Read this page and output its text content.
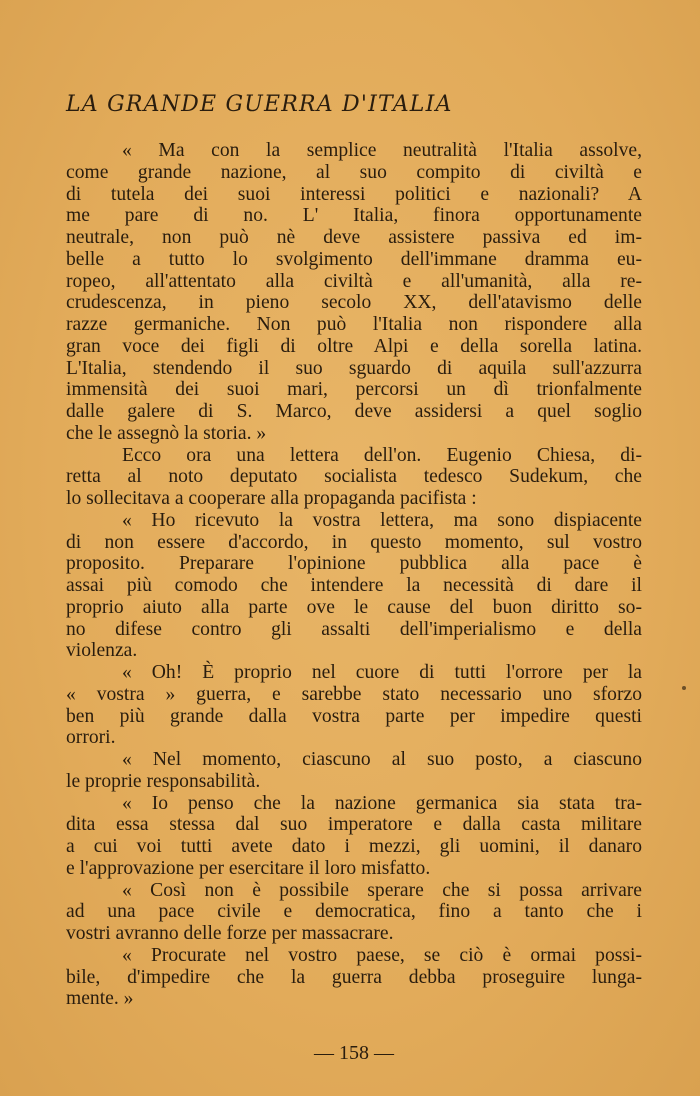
LA GRANDE GUERRA D'ITALIA
« Ma con la semplice neutralità l'Italia assolve,
come grande nazione, al suo compito di civiltà e
di tutela dei suoi interessi politici e nazionali? A
me pare di no. L' Italia, finora opportunamente
neutrale, non può nè deve assistere passiva ed im-
belle a tutto lo svolgimento dell'immane dramma eu-
ropeo, all'attentato alla civiltà e all'umanità, alla re-
crudescenza, in pieno secolo XX, dell'atavismo delle
razze germaniche. Non può l'Italia non rispondere alla
gran voce dei figli di oltre Alpi e della sorella latina.
L'Italia, stendendo il suo sguardo di aquila sull'azzurra
immensità dei suoi mari, percorsi un dì trionfalmente
dalle galere di S. Marco, deve assidersi a quel soglio
che le assegnò la storia. »
Ecco ora una lettera dell'on. Eugenio Chiesa, di-
retta al noto deputato socialista tedesco Sudekum, che
lo sollecitava a cooperare alla propaganda pacifista :
« Ho ricevuto la vostra lettera, ma sono dispiacente
di non essere d'accordo, in questo momento, sul vostro
proposito. Preparare l'opinione pubblica alla pace è
assai più comodo che intendere la necessità di dare il
proprio aiuto alla parte ove le cause del buon diritto so-
no difese contro gli assalti dell'imperialismo e della
violenza.
« Oh! È proprio nel cuore di tutti l'orrore per la
« vostra » guerra, e sarebbe stato necessario uno sforzo
ben più grande dalla vostra parte per impedire questi
orrori.
« Nel momento, ciascuno al suo posto, a ciascuno
le proprie responsabilità.
« Io penso che la nazione germanica sia stata tra-
dita essa stessa dal suo imperatore e dalla casta militare
a cui voi tutti avete dato i mezzi, gli uomini, il danaro
e l'approvazione per esercitare il loro misfatto.
« Così non è possibile sperare che si possa arrivare
ad una pace civile e democratica, fino a tanto che i
vostri avranno delle forze per massacrare.
« Procurate nel vostro paese, se ciò è ormai possi-
bile, d'impedire che la guerra debba proseguire lunga-
mente. »

— 158 —
